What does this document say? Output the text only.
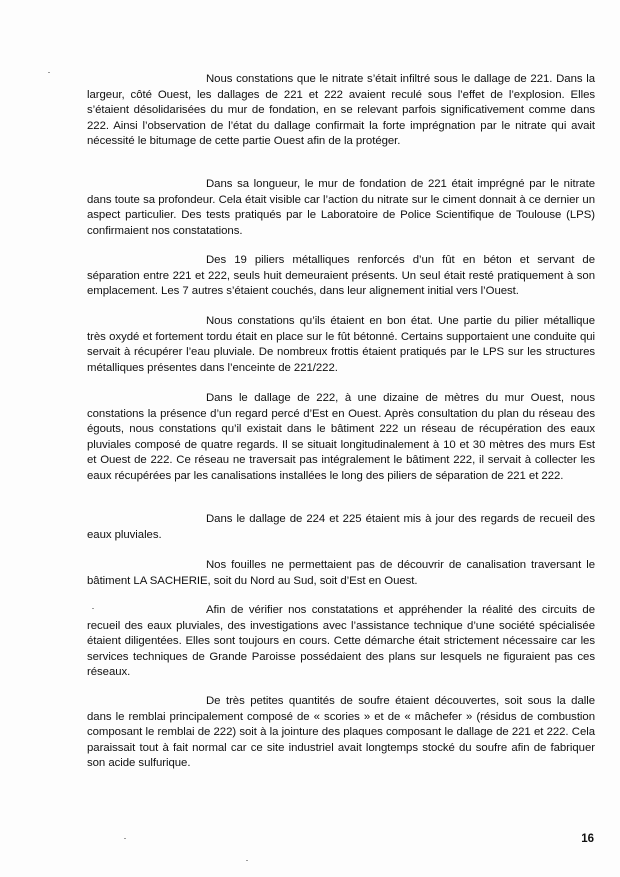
Nous constations que le nitrate s’était infiltré sous le dallage de 221. Dans la largeur, côté Ouest, les dallages de 221 et 222 avaient reculé sous l’effet de l’explosion. Elles s’étaient désolidarisées du mur de fondation, en se relevant parfois significativement comme dans 222. Ainsi l’observation de l’état du dallage confirmait la forte imprégnation par le nitrate qui avait nécessité le bitumage de cette partie Ouest afin de la protéger.

Dans sa longueur, le mur de fondation de 221 était imprégné par le nitrate dans toute sa profondeur. Cela était visible car l’action du nitrate sur le ciment donnait à ce dernier un aspect particulier. Des tests pratiqués par le Laboratoire de Police Scientifique de Toulouse (LPS) confirmaient nos constatations.

Des 19 piliers métalliques renforcés d’un fût en béton et servant de séparation entre 221 et 222, seuls huit demeuraient présents. Un seul était resté pratiquement à son emplacement. Les 7 autres s’étaient couchés, dans leur alignement initial vers l’Ouest.

Nous constations qu’ils étaient en bon état. Une partie du pilier métallique très oxydé et fortement tordu était en place sur le fût bétonné. Certains supportaient une conduite qui servait à récupérer l’eau pluviale. De nombreux frottis étaient pratiqués par le LPS sur les structures métalliques présentes dans l’enceinte de 221/222.

Dans le dallage de 222, à une dizaine de mètres du mur Ouest, nous constations la présence d’un regard percé d’Est en Ouest. Après consultation du plan du réseau des égouts, nous constations qu’il existait dans le bâtiment 222 un réseau de récupération des eaux pluviales composé de quatre regards. Il se situait longitudinalement à 10 et 30 mètres des murs Est et Ouest de 222. Ce réseau ne traversait pas intégralement le bâtiment 222, il servait à collecter les eaux récupérées par les canalisations installées le long des piliers de séparation de 221 et 222.

Dans le dallage de 224 et 225 étaient mis à jour des regards de recueil des eaux pluviales.

Nos fouilles ne permettaient pas de découvrir de canalisation traversant le bâtiment LA SACHERIE, soit du Nord au Sud, soit d’Est en Ouest.

Afin de vérifier nos constatations et appréhender la réalité des circuits de recueil des eaux pluviales, des investigations avec l’assistance technique d’une société spécialisée étaient diligentées. Elles sont toujours en cours. Cette démarche était strictement nécessaire car les services techniques de Grande Paroisse possédaient des plans sur lesquels ne figuraient pas ces réseaux.

De très petites quantités de soufre étaient découvertes, soit sous la dalle dans le remblai principalement composé de « scories » et de « mâchefer » (résidus de combustion composant le remblai de 222) soit à la jointure des plaques composant le dallage de 221 et 222. Cela paraissait tout à fait normal car ce site industriel avait longtemps stocké du soufre afin de fabriquer son acide sulfurique.

16
